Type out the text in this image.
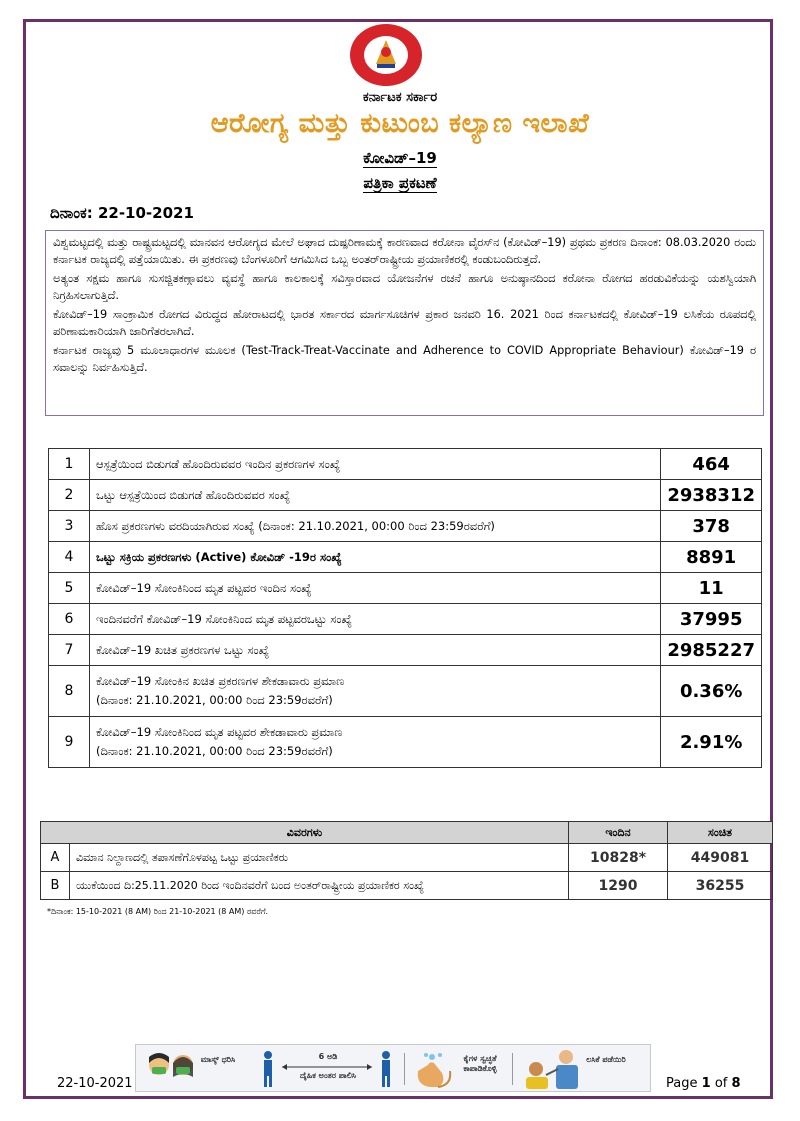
ಕರ್ನಾಟಕ ಸರ್ಕಾರ
ಆರೋಗ್ಯ ಮತ್ತು ಕುಟುಂಬ ಕಲ್ಯಾಣ ಇಲಾಖೆ
ಕೋವಿಡ್–19
ಪತ್ರಿಕಾ ಪ್ರಕಟಣೆ
ದಿನಾಂಕ: 22-10-2021

ವಿಶ್ವಮಟ್ಟದಲ್ಲಿ ಮತ್ತು ರಾಷ್ಟ್ರಮಟ್ಟದಲ್ಲಿ ಮಾನವನ ಆರೋಗ್ಯದ ಮೇಲೆ ಅಘಾದ ದುಷ್ಪರಿಣಾಮಕ್ಕೆ ಕಾರಣವಾದ ಕರೋನಾ ವೈರಸ್‌ನ (ಕೋವಿಡ್–19) ಪ್ರಥಮ ಪ್ರಕರಣ ದಿನಾಂಕ: 08.03.2020 ರಂದು ಕರ್ನಾಟಕ ರಾಜ್ಯದಲ್ಲಿ ಪತ್ತೆಯಾಯಿತು. ಈ ಪ್ರಕರಣವು ಬೆಂಗಳೂರಿಗೆ ಆಗಮಿಸಿದ ಒಬ್ಬ ಅಂತರ್‌ರಾಷ್ಟ್ರೀಯ ಪ್ರಯಾಣಿಕರಲ್ಲಿ ಕಂಡುಬಂದಿರುತ್ತದೆ.

ಅತ್ಯಂತ ಸಕ್ಷಮ ಹಾಗೂ ಸುಸಜ್ಜಿತಕಣ್ಗಾವಲು ವ್ಯವಸ್ಥೆ ಹಾಗೂ ಕಾಲಕಾಲಕ್ಕೆ ಸವಿಸ್ತಾರವಾದ ಯೋಜನೆಗಳ ರಚನೆ ಹಾಗೂ ಅನುಷ್ಠಾನದಿಂದ ಕರೋನಾ ರೋಗದ ಹರಡುವಿಕೆಯನ್ನು ಯಶಸ್ವಿಯಾಗಿ ನಿಗ್ರಹಿಸಲಾಗುತ್ತಿದೆ.

ಕೋವಿಡ್–19 ಸಾಂಕ್ರಾಮಿಕ ರೋಗದ ವಿರುದ್ಧದ ಹೋರಾಟದಲ್ಲಿ ಭಾರತ ಸರ್ಕಾರದ ಮಾರ್ಗಸೂಚಿಗಳ ಪ್ರಕಾರ ಜನವರಿ 16. 2021 ರಿಂದ ಕರ್ನಾಟಕದಲ್ಲಿ ಕೋವಿಡ್–19 ಲಸಿಕೆಯ ರೂಪದಲ್ಲಿ ಪರಿಣಾಮಕಾರಿಯಾಗಿ ಜಾರಿಗೆತರಲಾಗಿದೆ.

ಕರ್ನಾಟಕ ರಾಜ್ಯವು 5 ಮೂಲಾಧಾರಗಳ ಮೂಲಕ (Test-Track-Treat-Vaccinate and Adherence to COVID Appropriate Behaviour) ಕೋವಿಡ್–19 ರ ಸವಾಲನ್ನು ನಿರ್ವಹಿಸುತ್ತಿದೆ.

1	ಆಸ್ಪತ್ರೆಯಿಂದ ಬಿಡುಗಡೆ ಹೊಂದಿರುವವರ ಇಂದಿನ ಪ್ರಕರಣಗಳ ಸಂಖ್ಯೆ	464
2	ಒಟ್ಟು ಆಸ್ಪತ್ರೆಯಿಂದ ಬಿಡುಗಡೆ ಹೊಂದಿರುವವರ ಸಂಖ್ಯೆ	2938312
3	ಹೊಸ ಪ್ರಕರಣಗಳು ವರದಿಯಾಗಿರುವ ಸಂಖ್ಯೆ (ದಿನಾಂಕ: 21.10.2021, 00:00 ರಿಂದ 23:59ರವರೆಗೆ)	378
4	ಒಟ್ಟು ಸಕ್ರಿಯ ಪ್ರಕರಣಗಳು (Active) ಕೋವಿಡ್ -19ರ ಸಂಖ್ಯೆ	8891
5	ಕೋವಿಡ್–19 ಸೋಂಕಿನಿಂದ ಮೃತ ಪಟ್ಟವರ ಇಂದಿನ ಸಂಖ್ಯೆ	11
6	ಇಂದಿನವರೆಗೆ ಕೋವಿಡ್–19 ಸೋಂಕಿನಿಂದ ಮೃತ ಪಟ್ಟವರಒಟ್ಟು ಸಂಖ್ಯೆ	37995
7	ಕೋವಿಡ್–19 ಖಚಿತ ಪ್ರಕರಣಗಳ ಒಟ್ಟು ಸಂಖ್ಯೆ	2985227
8	ಕೋವಿಡ್–19 ಸೋಂಕಿನ ಖಚಿತ ಪ್ರಕರಣಗಳ ಶೇಕಡಾವಾರು ಪ್ರಮಾಣ
(ದಿನಾಂಕ: 21.10.2021, 00:00 ರಿಂದ 23:59ರವರೆಗೆ)	0.36%
9	ಕೋವಿಡ್–19 ಸೋಂಕಿನಿಂದ ಮೃತ ಪಟ್ಟವರ ಶೇಕಡಾವಾರು ಪ್ರಮಾಣ
(ದಿನಾಂಕ: 21.10.2021, 00:00 ರಿಂದ 23:59ರವರೆಗೆ)	2.91%
ವಿವರಗಳು		ಇಂದಿನ	ಸಂಚಿತ
A	ವಿಮಾನ ನಿಲ್ದಾಣದಲ್ಲಿ ತಪಾಸಣೆಗೊಳಪಟ್ಟ ಒಟ್ಟು ಪ್ರಯಾಣಿಕರು	10828*	449081
B	ಯುಕೆಯಿಂದ ದಿ:25.11.2020 ರಿಂದ ಇಂದಿನವರೆಗೆ ಬಂದ ಅಂತರ್‌ರಾಷ್ಟ್ರೀಯ ಪ್ರಯಾಣಿಕರ ಸಂಖ್ಯೆ	1290	36255
*ದಿನಾಂಕ: 15-10-2021 (8 AM) ರಿಂದ 21-10-2021 (8 AM) ರವರೆಗೆ.
ಮಾಸ್ಕ್ ಧರಿಸಿ	6 ಅಡಿ
ದೈಹಿಕ ಅಂತರ ಪಾಲಿಸಿ
ಕೈಗಳ ಸ್ವಚ್ಛತೆ ಕಾಪಾಡಿಕೊಳ್ಳಿ
ಲಸಿಕೆ ಪಡೆಯಿರಿ
22-10-2021	Page 1 of 8
